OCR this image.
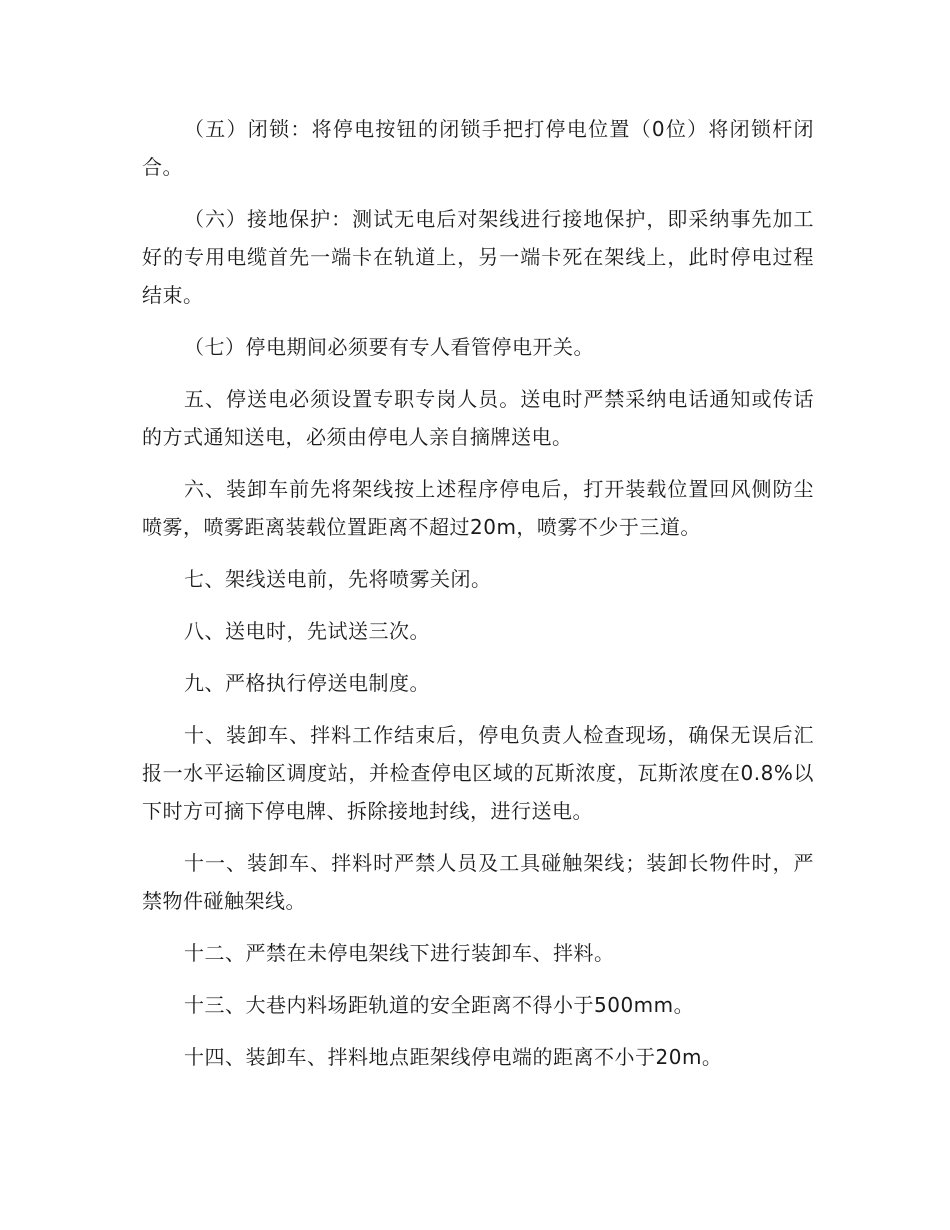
（五）闭锁：将停电按钮的闭锁手把打停电位置（0位）将闭锁杆闭合。

（六）接地保护：测试无电后对架线进行接地保护，即采纳事先加工好的专用电缆首先一端卡在轨道上，另一端卡死在架线上，此时停电过程结束。

（七）停电期间必须要有专人看管停电开关。

五、停送电必须设置专职专岗人员。送电时严禁采纳电话通知或传话的方式通知送电，必须由停电人亲自摘牌送电。

六、装卸车前先将架线按上述程序停电后，打开装载位置回风侧防尘喷雾，喷雾距离装载位置距离不超过20m，喷雾不少于三道。

七、架线送电前，先将喷雾关闭。

八、送电时，先试送三次。

九、严格执行停送电制度。

十、装卸车、拌料工作结束后，停电负责人检查现场，确保无误后汇报一水平运输区调度站，并检查停电区域的瓦斯浓度，瓦斯浓度在0.8%以下时方可摘下停电牌、拆除接地封线，进行送电。

十一、装卸车、拌料时严禁人员及工具碰触架线；装卸长物件时，严禁物件碰触架线。

十二、严禁在未停电架线下进行装卸车、拌料。

十三、大巷内料场距轨道的安全距离不得小于500mm。

十四、装卸车、拌料地点距架线停电端的距离不小于20m。
